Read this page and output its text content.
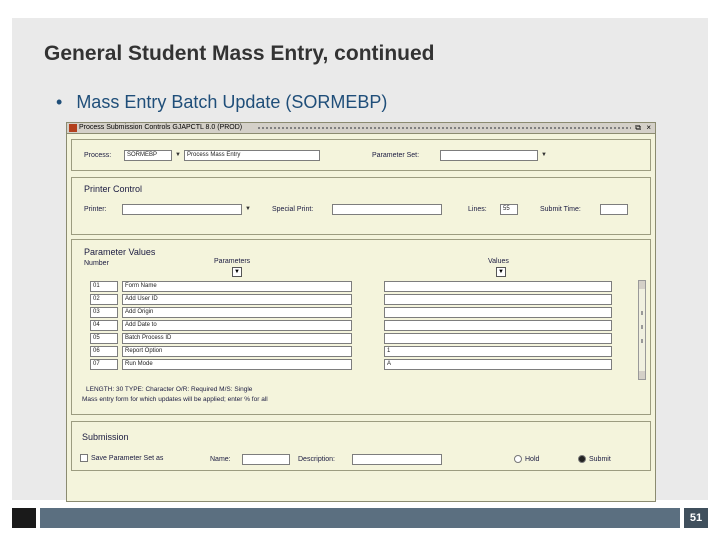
General Student Mass Entry, continued
• Mass Entry Batch Update (SORMEBP)
Process Submission Controls GJAPCTL 8.0 (PROD)	⧉ ×
Process:	SORMEBP	▼	Process Mass Entry	Parameter Set:	▼
Printer Control
Printer:	▼	Special Print:	Lines:	55	Submit Time:
Parameter Values
Number	Parameters
▼
Values
▼
01	Form Name
02	Add User ID
03	Add Origin
04	Add Date to
05	Batch Process ID
06	Report Option	1
07	Run Mode	A
LENGTH: 30 TYPE: Character O/R: Required M/S: Single
Mass entry form for which updates will be applied; enter % for all
Submission
Save Parameter Set as	Name:	Description:	Hold	Submit
51
